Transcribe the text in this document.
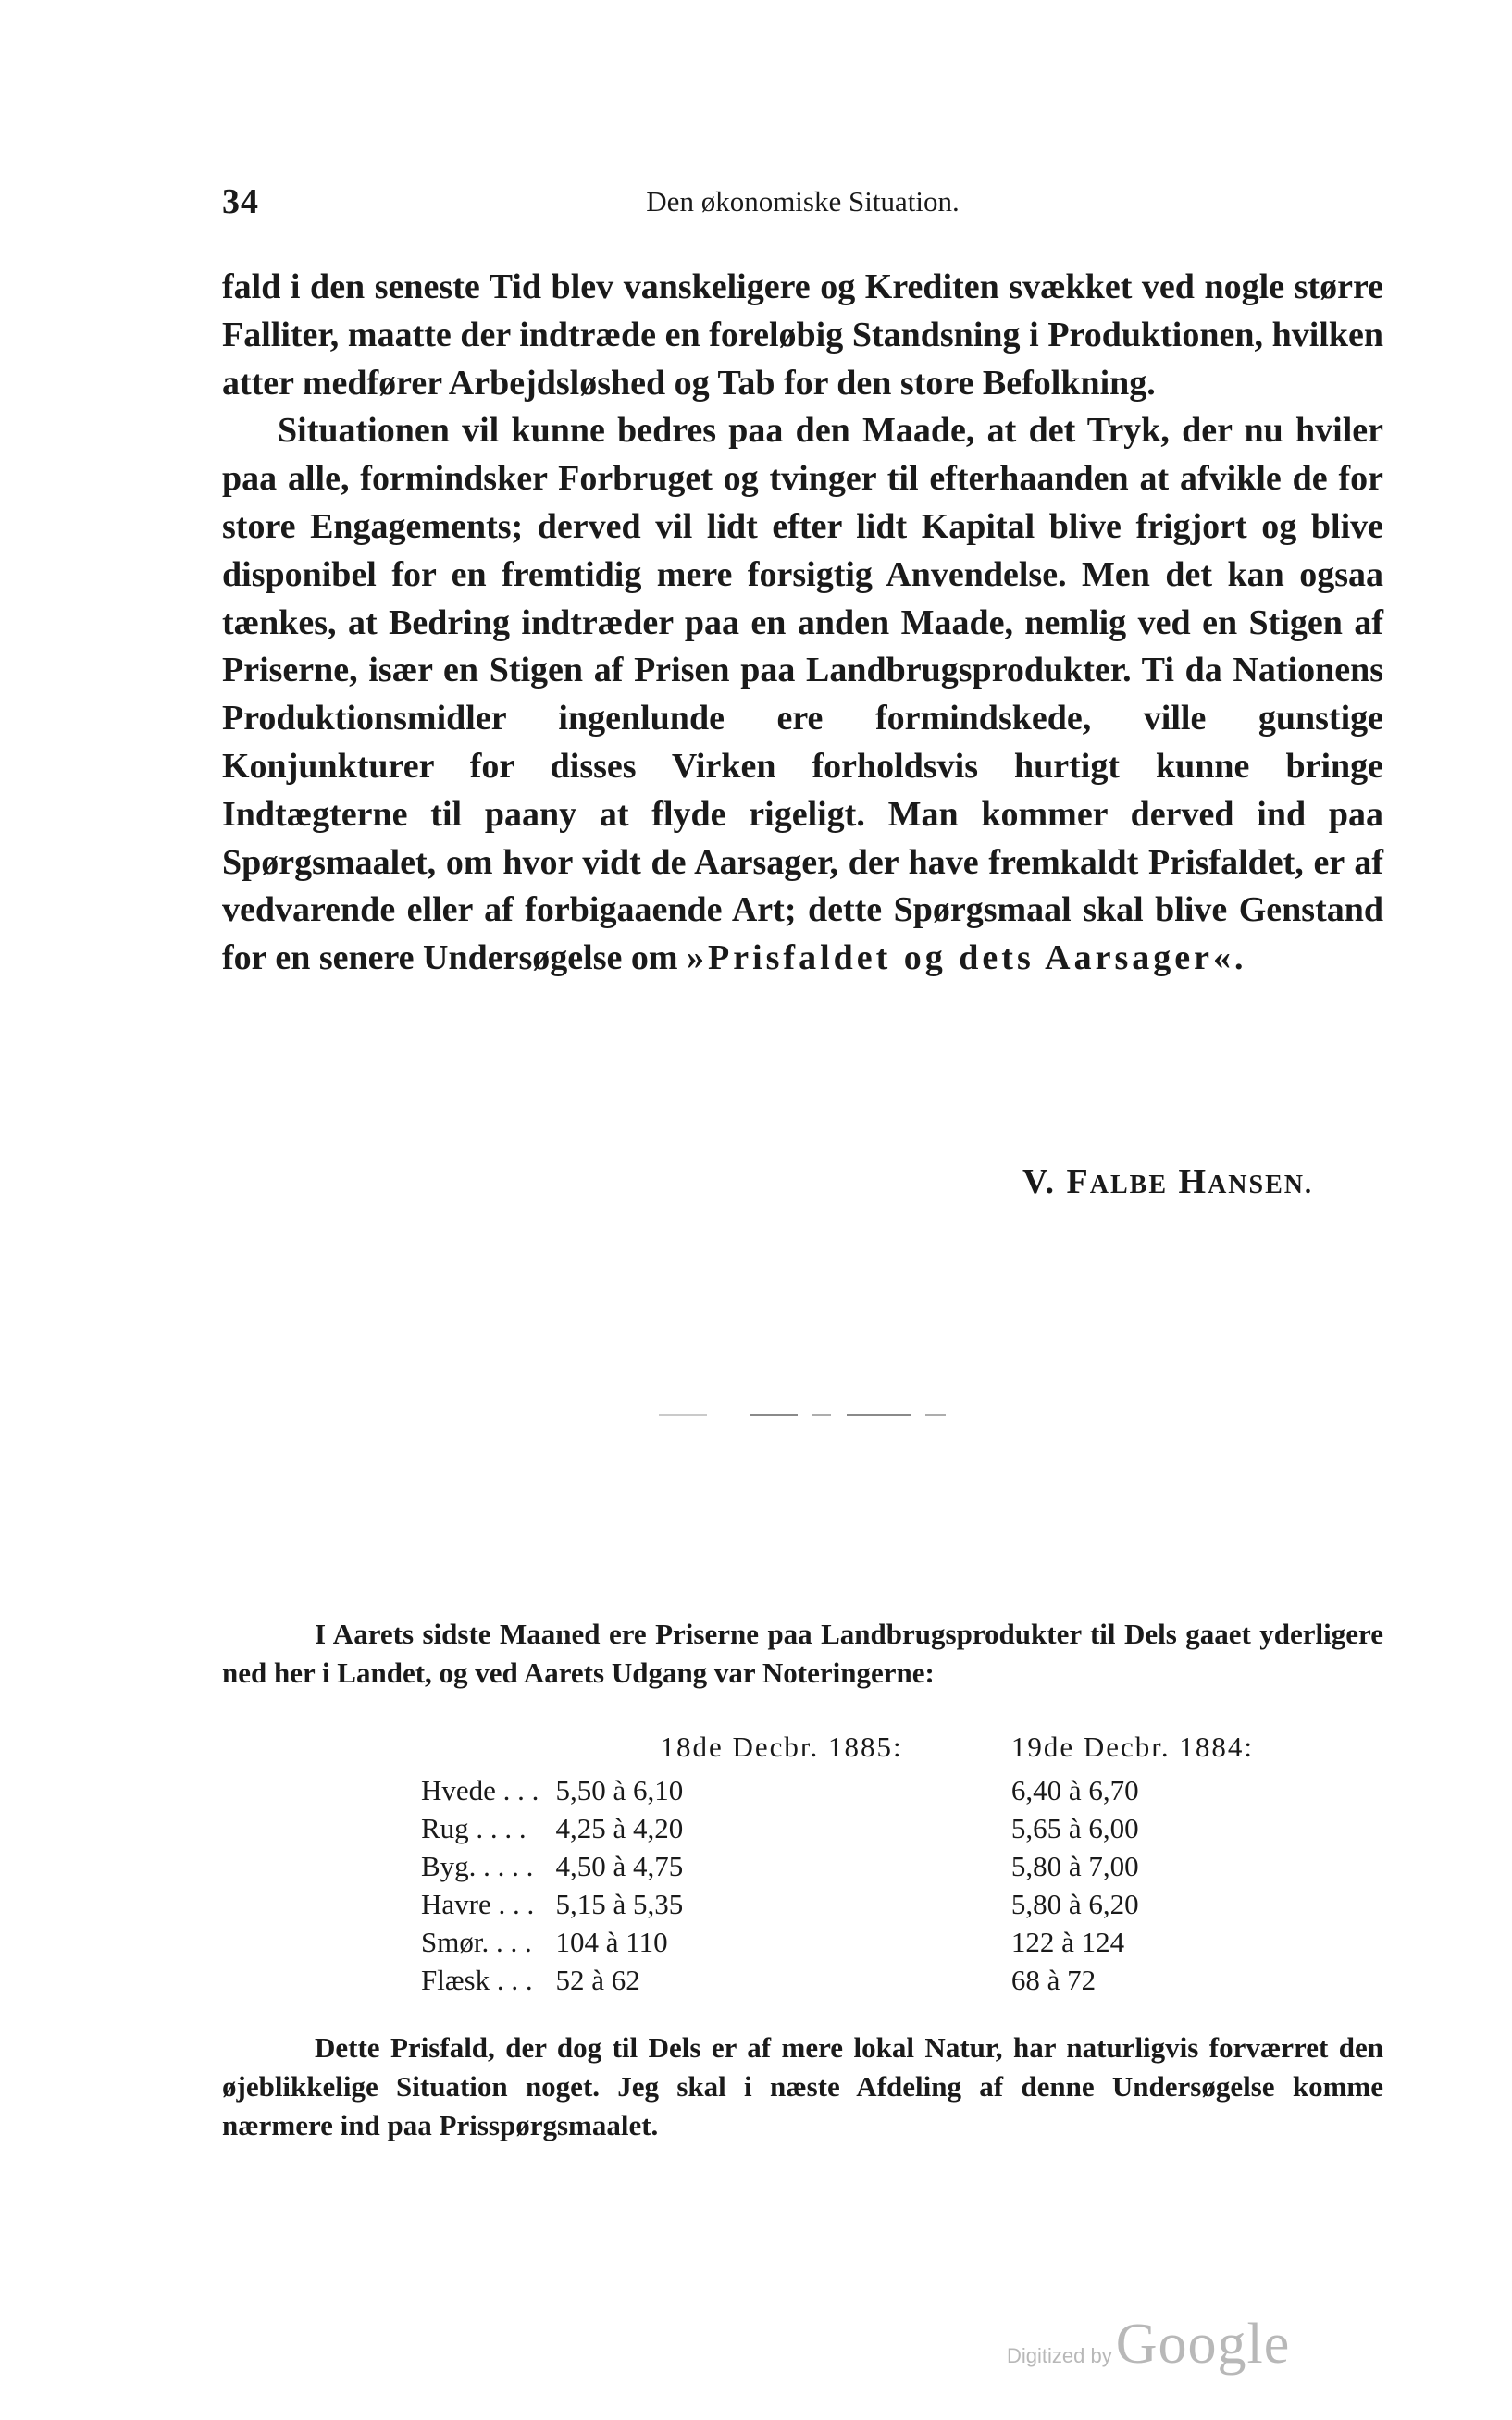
34	Den økonomiske Situation.

fald i den seneste Tid blev vanskeligere og Krediten svækket ved nogle større Falliter, maatte der indtræde en foreløbig Standsning i Produktionen, hvilken atter medfører Arbejdsløshed og Tab for den store Befolkning.

Situationen vil kunne bedres paa den Maade, at det Tryk, der nu hviler paa alle, formindsker Forbruget og tvinger til efterhaanden at afvikle de for store Engagements; derved vil lidt efter lidt Kapital blive frigjort og blive disponibel for en fremtidig mere forsigtig Anvendelse. Men det kan ogsaa tænkes, at Bedring indtræder paa en anden Maade, nemlig ved en Stigen af Priserne, især en Stigen af Prisen paa Landbrugsprodukter. Ti da Nationens Produktionsmidler ingenlunde ere formindskede, ville gunstige Konjunkturer for disses Virken forholdsvis hurtigt kunne bringe Indtægterne til paany at flyde rigeligt. Man kommer derved ind paa Spørgsmaalet, om hvor vidt de Aarsager, der have fremkaldt Prisfaldet, er af vedvarende eller af forbigaaende Art; dette Spørgsmaal skal blive Genstand for en senere Undersøgelse om »Prisfaldet og dets Aarsager«.

V. FALBE HANSEN.

I Aarets sidste Maaned ere Priserne paa Landbrugsprodukter til Dels gaaet yderligere ned her i Landet, og ved Aarets Udgang var Noteringerne:

	18de Decbr. 1885:	19de Decbr. 1884:
Hvede . . .	5,50 à 6,10	6,40 à 6,70
Rug . . . .	4,25 à 4,20	5,65 à 6,00
Byg. . . . .	4,50 à 4,75	5,80 à 7,00
Havre . . .	5,15 à 5,35	5,80 à 6,20
Smør. . . .	104 à 110	122 à 124
Flæsk . . .	52 à 62	68 à 72

Dette Prisfald, der dog til Dels er af mere lokal Natur, har naturligvis forværret den øjeblikkelige Situation noget. Jeg skal i næste Afdeling af denne Undersøgelse komme nærmere ind paa Prisspørgsmaalet.

Digitized by Google
